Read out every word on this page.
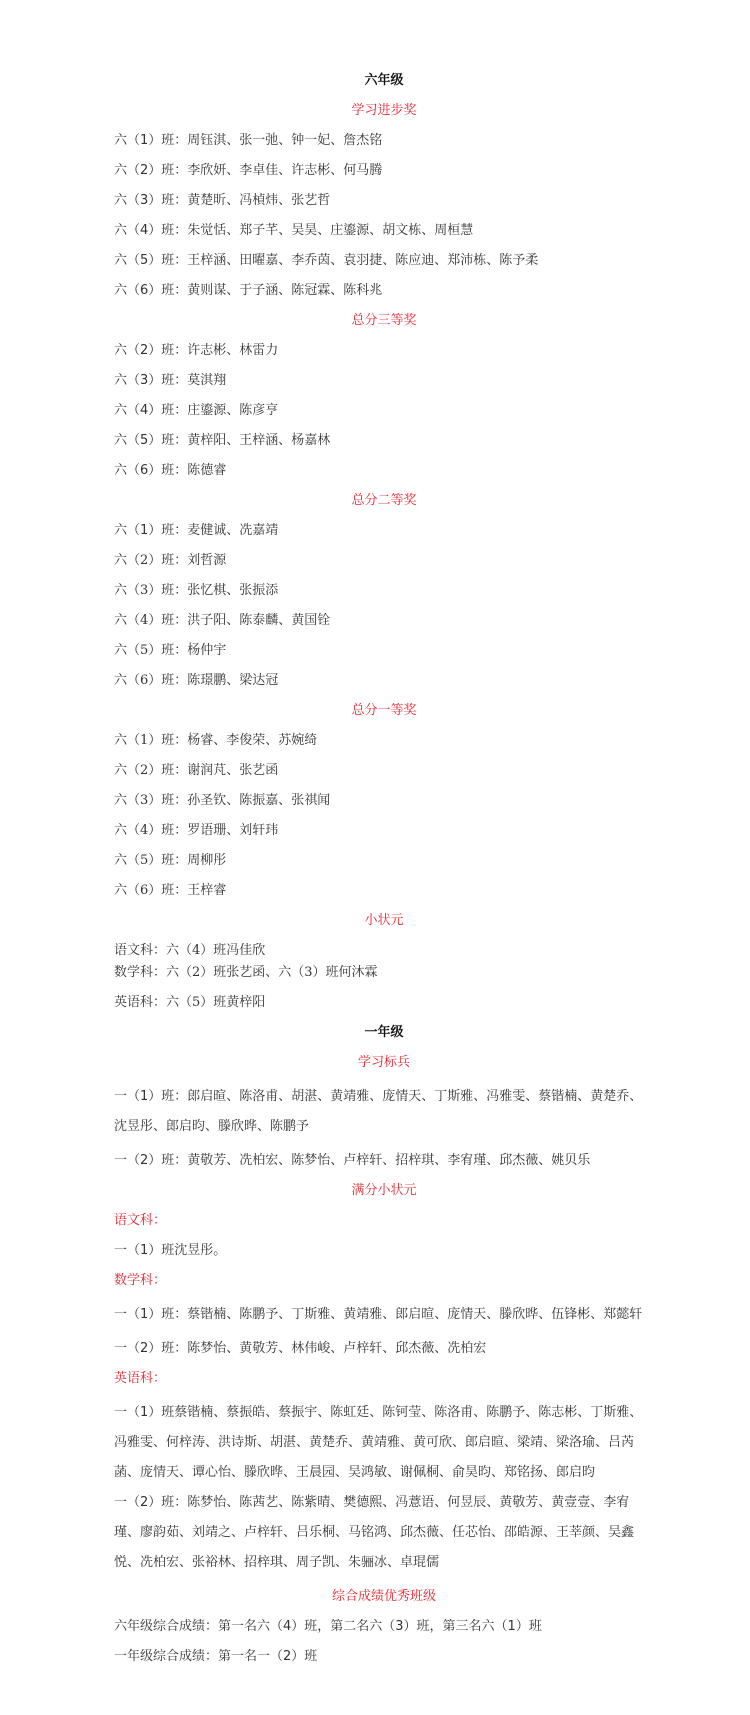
六年级
学习进步奖
六（1）班：周钰淇、张一弛、钟一妃、詹杰铭
六（2）班：李欣妍、李卓佳、许志彬、何马腾
六（3）班：黄楚昕、冯楨炜、张艺哲
六（4）班：朱觉恬、郑子芊、吴昊、庄鎏源、胡文栋、周桓慧
六（5）班：王梓涵、田曜嘉、李乔茵、袁羽捷、陈应迪、郑沛栋、陈予柔
六（6）班：黄则谋、于子涵、陈冠霖、陈科兆
总分三等奖
六（2）班：许志彬、林雷力
六（3）班：莫淇翔
六（4）班：庄鎏源、陈彦亨
六（5）班：黄梓阳、王梓涵、杨嘉林
六（6）班：陈德睿
总分二等奖
六（1）班：麦健诚、冼嘉靖
六（2）班：刘哲源
六（3）班：张忆棋、张振添
六（4）班：洪子阳、陈泰麟、黄国铨
六（5）班：杨仲宇
六（6）班：陈璟鹏、梁达冠
总分一等奖
六（1）班：杨睿、李俊荣、苏婉绮
六（2）班：谢润芃、张艺函
六（3）班：孙圣钦、陈振嘉、张祺闻
六（4）班：罗语珊、刘轩玮
六（5）班：周柳彤
六（6）班：王梓睿
小状元
语文科：六（4）班冯佳欣
数学科：六（2）班张艺函、六（3）班何沐霖
英语科：六（5）班黄梓阳
一年级
学习标兵
一（1）班：郎启暄、陈洛甫、胡湛、黄靖雅、庞情天、丁斯雅、冯雅雯、蔡锴楠、黄楚乔、沈昱彤、郎启昀、滕欣晔、陈鹏予
一（2）班：黄敬芳、冼柏宏、陈梦怡、卢梓轩、招梓琪、李宥瑾、邱杰薇、姚贝乐
满分小状元
语文科：
一（1）班沈昱彤。
数学科：
一（1）班：蔡锴楠、陈鹏予、丁斯雅、黄靖雅、郎启暄、庞情天、滕欣晔、伍锋彬、郑懿轩
一（2）班：陈梦怡、黄敬芳、林伟峻、卢梓轩、邱杰薇、冼柏宏
英语科：
一（1）班蔡锴楠、蔡振皓、蔡振宇、陈虹廷、陈钶莹、陈洛甫、陈鹏予、陈志彬、丁斯雅、冯雅雯、何梓涛、洪诗斯、胡湛、黄楚乔、黄靖雅、黄可欣、郎启暄、梁靖、梁洛瑜、吕芮菡、庞情天、谭心怡、滕欣晔、王晨园、吴鸿敏、谢佩桐、俞昊昀、郑铭扬、郎启昀
一（2）班：陈梦怡、陈茜艺、陈紫晴、樊德熙、冯薏语、何昱辰、黄敬芳、黄壹壹、李宥瑾、廖韵茹、刘靖之、卢梓轩、吕乐桐、马铭鸿、邱杰薇、任芯怡、邵皓源、王莘颜、吴鑫悦、冼柏宏、张裕林、招梓琪、周子凯、朱骊冰、卓琨儒
综合成绩优秀班级
六年级综合成绩：第一名六（4）班，第二名六（3）班，第三名六（1）班
一年级综合成绩：第一名一（2）班
